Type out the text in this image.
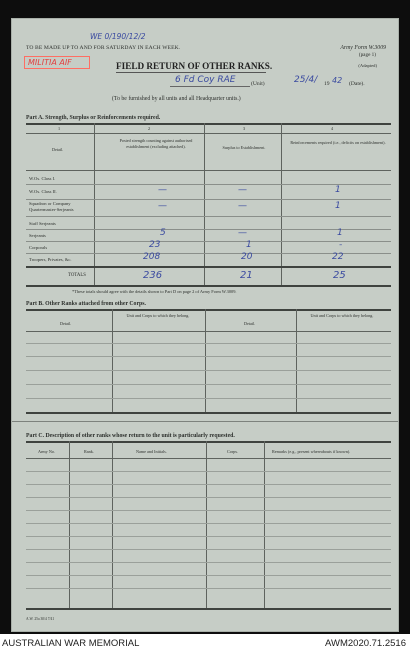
WE 0/190/12/2
TO BE MADE UP TO AND FOR SATURDAY IN EACH WEEK.	Army Form W.3009
(page 1)
(Adapted)
MILITIA AIF	FIELD RETURN OF OTHER RANKS.
6 Fd Coy RAE	(Unit)	25/4/ 19 42 (Date).
(To be furnished by all units and all Headquarter units.)
Part A. Strength, Surplus or Reinforcements required.
1	2	3	4
Detail.
Posted strength counting against authorised establishment (excluding attached).	Surplus to Establishment.
Reinforcements required (i.e., deficits on establishment).
W.Os. Class I.
W.Os. Class II.	—	—	1
Squadron or Company Quartermaster-Serjeants	—	—	1
Staff Serjeants
Serjeants	5	—	1
Corporals	23	1	-
Troopers, Privates, &c.	208	20	22
TOTALS	236	21	25
*These totals should agree with the details shown to Part D on page 2 of Army Form W.3009.
Part B. Other Ranks attached from other Corps.
Detail.
Unit and Corps to which they belong.
Detail.
Unit and Corps to which they belong.
Part C. Description of other ranks whose return to the unit is particularly requested.
Army No.	Rank.	Name and Initials.	Corps.	Remarks (e.g., present whereabouts if known).
A.W. 25a 30/4 7/41
AUSTRALIAN WAR MEMORIAL	AWM2020.71.2516
